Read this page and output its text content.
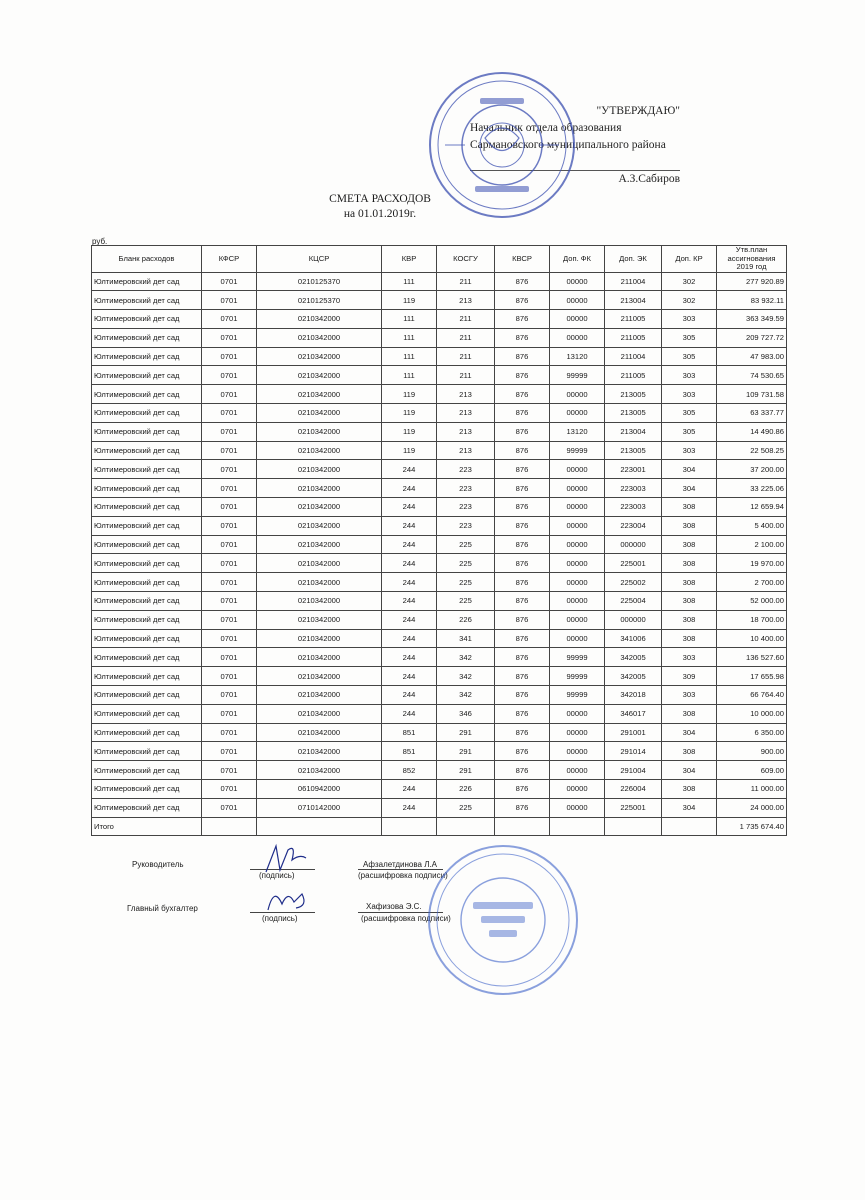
"УТВЕРЖДАЮ"
Начальник отдела образования
Сармановского муниципального района
А.З.Сабиров
СМЕТА РАСХОДОВ
на 01.01.2019г.
руб.
Бланк расходов	КФСР	КЦСР	КВР	КОСГУ	КВСР	Доп. ФК	Доп. ЭК	Доп. КР	Утв.план ассигнования 2019 год
Юлтимеровский дет сад	0701	0210125370	111	211	876	00000	211004	302	277 920.89
Юлтимеровский дет сад	0701	0210125370	119	213	876	00000	213004	302	83 932.11
Юлтимеровский дет сад	0701	0210342000	111	211	876	00000	211005	303	363 349.59
Юлтимеровский дет сад	0701	0210342000	111	211	876	00000	211005	305	209 727.72
Юлтимеровский дет сад	0701	0210342000	111	211	876	13120	211004	305	47 983.00
Юлтимеровский дет сад	0701	0210342000	111	211	876	99999	211005	303	74 530.65
Юлтимеровский дет сад	0701	0210342000	119	213	876	00000	213005	303	109 731.58
Юлтимеровский дет сад	0701	0210342000	119	213	876	00000	213005	305	63 337.77
Юлтимеровский дет сад	0701	0210342000	119	213	876	13120	213004	305	14 490.86
Юлтимеровский дет сад	0701	0210342000	119	213	876	99999	213005	303	22 508.25
Юлтимеровский дет сад	0701	0210342000	244	223	876	00000	223001	304	37 200.00
Юлтимеровский дет сад	0701	0210342000	244	223	876	00000	223003	304	33 225.06
Юлтимеровский дет сад	0701	0210342000	244	223	876	00000	223003	308	12 659.94
Юлтимеровский дет сад	0701	0210342000	244	223	876	00000	223004	308	5 400.00
Юлтимеровский дет сад	0701	0210342000	244	225	876	00000	000000	308	2 100.00
Юлтимеровский дет сад	0701	0210342000	244	225	876	00000	225001	308	19 970.00
Юлтимеровский дет сад	0701	0210342000	244	225	876	00000	225002	308	2 700.00
Юлтимеровский дет сад	0701	0210342000	244	225	876	00000	225004	308	52 000.00
Юлтимеровский дет сад	0701	0210342000	244	226	876	00000	000000	308	18 700.00
Юлтимеровский дет сад	0701	0210342000	244	341	876	00000	341006	308	10 400.00
Юлтимеровский дет сад	0701	0210342000	244	342	876	99999	342005	303	136 527.60
Юлтимеровский дет сад	0701	0210342000	244	342	876	99999	342005	309	17 655.98
Юлтимеровский дет сад	0701	0210342000	244	342	876	99999	342018	303	66 764.40
Юлтимеровский дет сад	0701	0210342000	244	346	876	00000	346017	308	10 000.00
Юлтимеровский дет сад	0701	0210342000	851	291	876	00000	291001	304	6 350.00
Юлтимеровский дет сад	0701	0210342000	851	291	876	00000	291014	308	900.00
Юлтимеровский дет сад	0701	0210342000	852	291	876	00000	291004	304	609.00
Юлтимеровский дет сад	0701	0610942000	244	226	876	00000	226004	308	11 000.00
Юлтимеровский дет сад	0701	0710142000	244	225	876	00000	225001	304	24 000.00
Итого									1 735 674.40
Руководитель
(подпись)
Афзалетдинова Л.А
(расшифровка подписи)
Главный бухгалтер
(подпись)
Хафизова Э.С.
(расшифровка подписи)
